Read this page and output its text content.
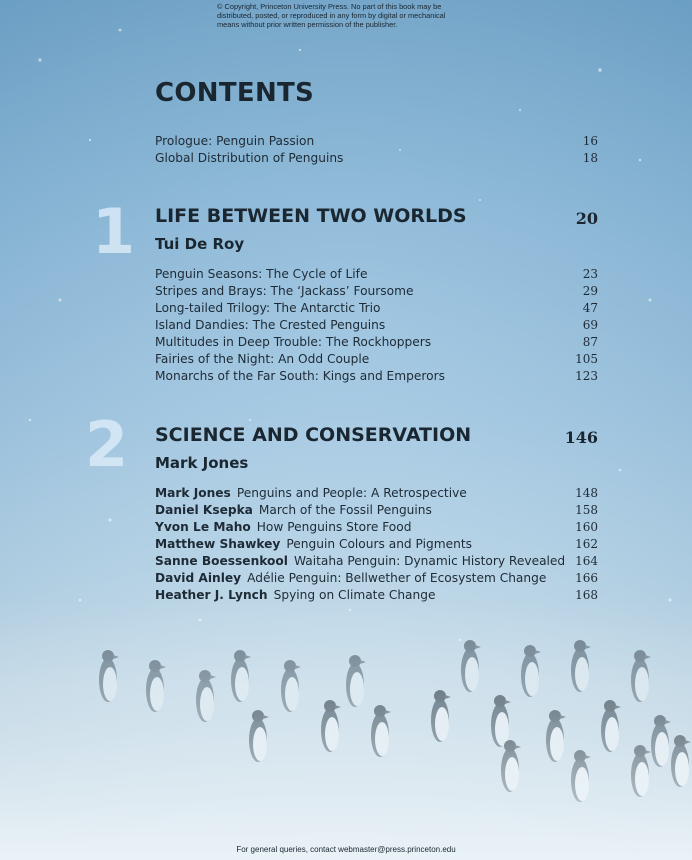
© Copyright, Princeton University Press. No part of this book may be
distributed, posted, or reproduced in any form by digital or mechanical
means without prior written permission of the publisher.
CONTENTS
Prologue: Penguin Passion	16
Global Distribution of Penguins	18
1 LIFE BETWEEN TWO WORLDS	20
Tui De Roy
Penguin Seasons: The Cycle of Life	23
Stripes and Brays: The ‘Jackass’ Foursome	29
Long-tailed Trilogy: The Antarctic Trio	47
Island Dandies: The Crested Penguins	69
Multitudes in Deep Trouble: The Rockhoppers	87
Fairies of the Night: An Odd Couple	105
Monarchs of the Far South: Kings and Emperors	123
2 SCIENCE AND CONSERVATION	146
Mark Jones
Mark Jones Penguins and People: A Retrospective	148
Daniel Ksepka March of the Fossil Penguins	158
Yvon Le Maho How Penguins Store Food	160
Matthew Shawkey Penguin Colours and Pigments	162
Sanne Boessenkool Waitaha Penguin: Dynamic History Revealed 164
David Ainley Adélie Penguin: Bellwether of Ecosystem Change 166
Heather J. Lynch Spying on Climate Change	168
For general queries, contact webmaster@press.princeton.edu
